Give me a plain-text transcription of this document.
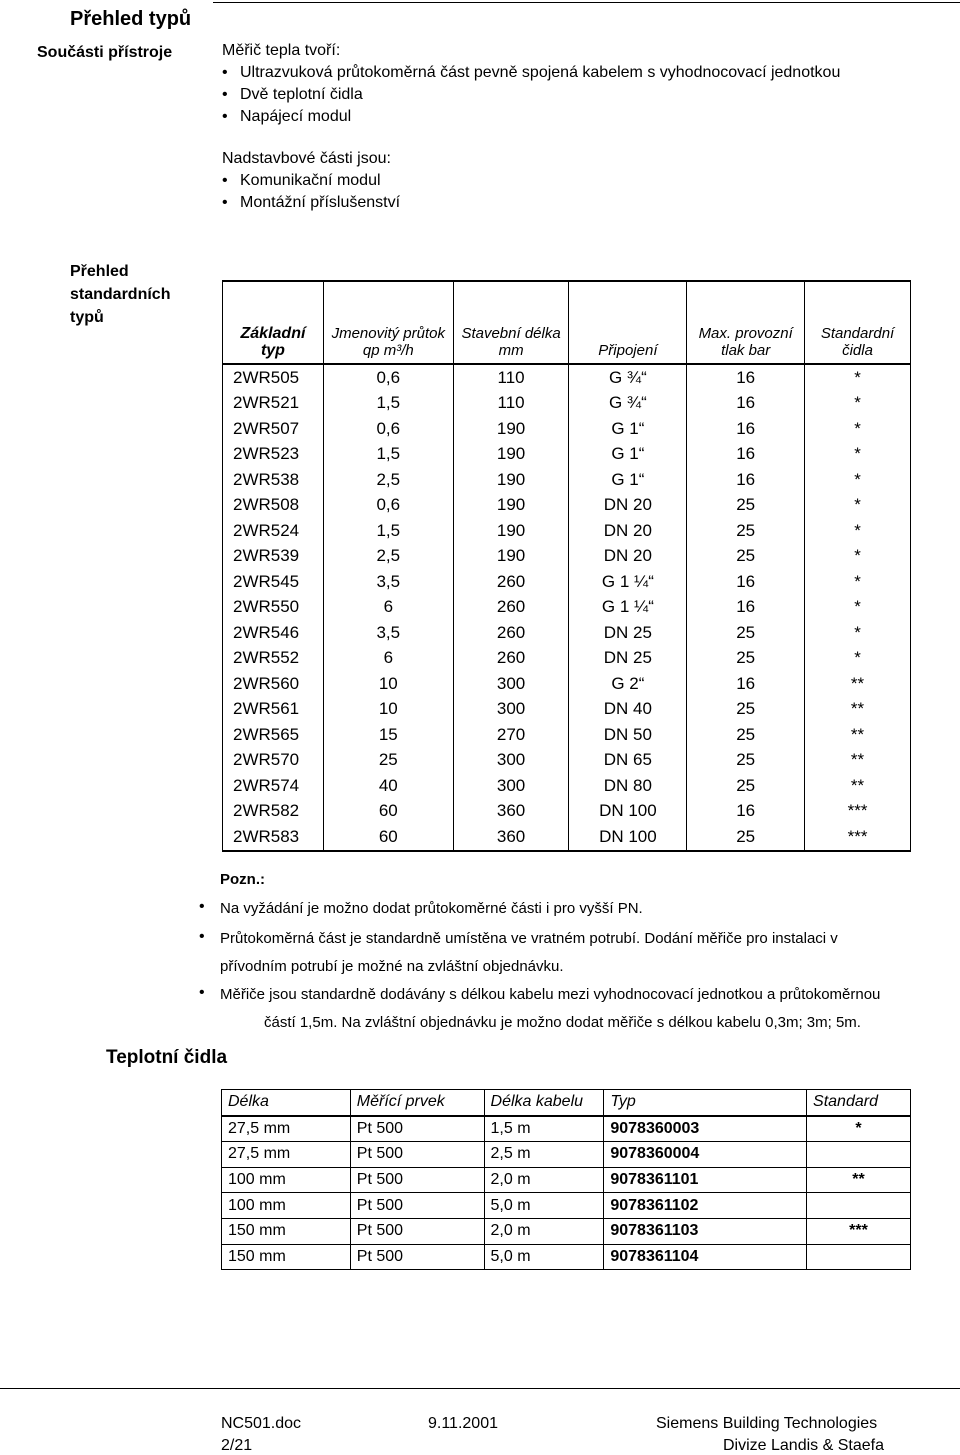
Přehled typů
Součásti přístroje	Měřič tepla tvoří:
• Ultrazvuková průtokoměrná část pevně spojená kabelem s vyhodnocovací jednotkou
• Dvě teplotní čidla
• Napájecí modul
Nadstavbové části jsou:
• Komunikační modul
• Montážní příslušenství
Přehled standardních typů
Základní typ	Jmenovitý průtok qp m³/h	Stavební délka mm	Připojení	Max. provozní tlak bar	Standardní čidla
2WR505	0,6	110	G ¾“	16	*
2WR521	1,5	110	G ¾“	16	*
2WR507	0,6	190	G 1“	16	*
2WR523	1,5	190	G 1“	16	*
2WR538	2,5	190	G 1“	16	*
2WR508	0,6	190	DN 20	25	*
2WR524	1,5	190	DN 20	25	*
2WR539	2,5	190	DN 20	25	*
2WR545	3,5	260	G 1 ¼“	16	*
2WR550	6	260	G 1 ¼“	16	*
2WR546	3,5	260	DN 25	25	*
2WR552	6	260	DN 25	25	*
2WR560	10	300	G 2“	16	**
2WR561	10	300	DN 40	25	**
2WR565	15	270	DN 50	25	**
2WR570	25	300	DN 65	25	**
2WR574	40	300	DN 80	25	**
2WR582	60	360	DN 100	16	***
2WR583	60	360	DN 100	25	***
Pozn.:
• Na vyžádání je možno dodat průtokoměrné části i pro vyšší PN.
• Průtokoměrná část je standardně umístěna ve vratném potrubí. Dodání měřiče pro instalaci v
přívodním potrubí je možné na zvláštní objednávku.
• Měřiče jsou standardně dodávány s délkou kabelu mezi vyhodnocovací jednotkou a průtokoměrnou
částí 1,5m. Na zvláštní objednávku je možno dodat měřiče s délkou kabelu 0,3m; 3m; 5m.
Teplotní čidla
Délka	Měřící prvek	Délka kabelu	Typ	Standard
27,5 mm	Pt 500	1,5 m	9078360003	*
27,5 mm	Pt 500	2,5 m	9078360004	
100 mm	Pt 500	2,0 m	9078361101	**
100 mm	Pt 500	5,0 m	9078361102	
150 mm	Pt 500	2,0 m	9078361103	***
150 mm	Pt 500	5,0 m	9078361104	
NC501.doc
2/21
9.11.2001	Siemens Building Technologies
Divize Landis & Staefa
